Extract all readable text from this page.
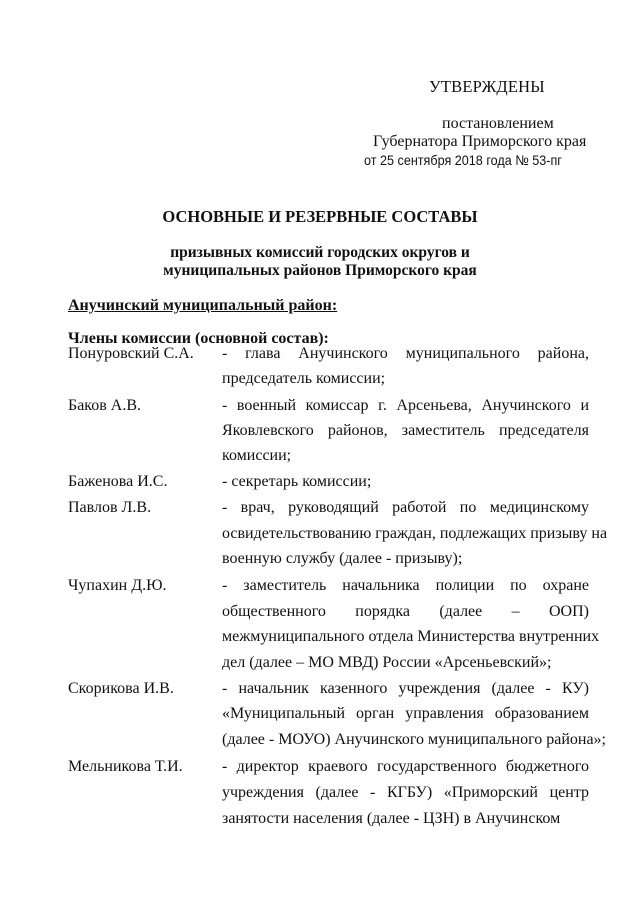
УТВЕРЖДЕНЫ
постановлением
Губернатора Приморского края
от 25 сентября 2018 года № 53-пг
ОСНОВНЫЕ И РЕЗЕРВНЫЕ СОСТАВЫ
призывных комиссий городских округов и
муниципальных районов Приморского края
Анучинский муниципальный район:
Члены комиссии (основной состав):
Понуровский С.А. - глава Анучинского муниципального района,
председатель комиссии;
Баков А.В.	- военный комиссар г. Арсеньева, Анучинского и
Яковлевского районов, заместитель председателя
комиссии;
Баженова И.С.	- секретарь комиссии;
Павлов Л.В.	- врач, руководящий работой по медицинскому
освидетельствованию граждан, подлежащих призыву на
военную службу (далее - призыву);
Чупахин Д.Ю.	- заместитель начальника полиции по охране
общественного порядка (далее – ООП)
межмуниципального отдела Министерства внутренних
дел (далее – МО МВД) России «Арсеньевский»;
Скорикова И.В.	- начальник казенного учреждения (далее - КУ)
«Муниципальный орган управления образованием
(далее - МОУО) Анучинского муниципального района»;
Мельникова Т.И. - директор краевого государственного бюджетного
учреждения (далее - КГБУ) «Приморский центр
занятости населения (далее - ЦЗН) в Анучинском
